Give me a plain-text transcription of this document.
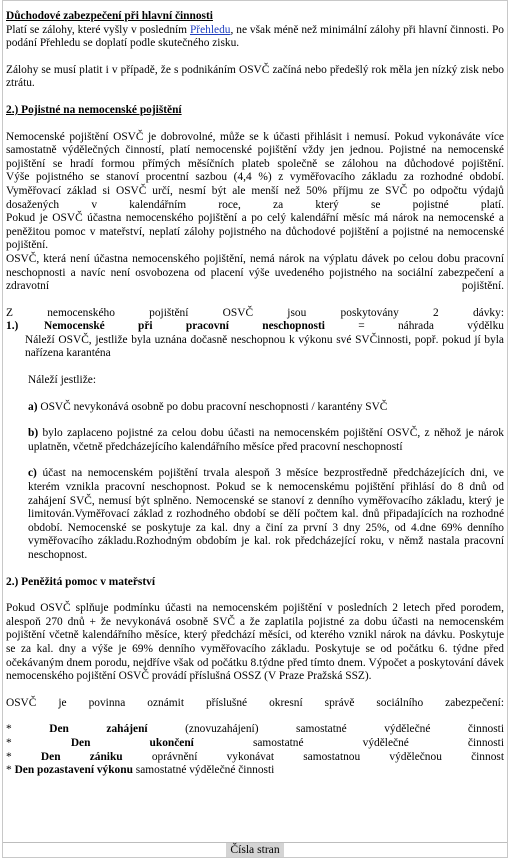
Důchodové zabezpečení při hlavní činnosti

Platí se zálohy, které vyšly v posledním Přehledu, ne však méně než minimální zálohy při hlavní činnosti. Po podání Přehledu se doplatí podle skutečného zisku.

Zálohy se musí platit i v případě, že s podnikáním OSVČ začíná nebo předešlý rok měla jen nízký zisk nebo ztrátu.

2.) Pojistné na nemocenské pojištění

Nemocenské pojištění OSVČ je dobrovolné, může se k účasti přihlásit i nemusí. Pokud vykonáváte více samostatně výdělečných činností, platí nemocenské pojištění vždy jen jednou. Pojistné na nemocenské pojištění se hradí formou přímých měsíčních plateb společně se zálohou na důchodové pojištění.

Výše pojistného se stanoví procentní sazbou (4,4 %) z vyměřovacího základu za rozhodné období. Vyměřovací základ si OSVČ určí, nesmí být ale menší než 50% příjmu ze SVČ po odpočtu výdajů dosažených v kalendářním roce, za který se pojistné platí.

Pokud je OSVČ účastna nemocenského pojištění a po celý kalendářní měsíc má nárok na nemocenské a peněžitou pomoc v mateřství, neplatí zálohy pojistného na důchodové pojištění a pojistné na nemocenské pojištění.

OSVČ, která není účastna nemocenského pojištění, nemá nárok na výplatu dávek po celou dobu pracovní neschopnosti a navíc není osvobozena od placení výše uvedeného pojistného na sociální zabezpečení a zdravotní pojištění.

Z nemocenského pojištění OSVČ jsou poskytovány 2 dávky:

1.)	Nemocenské při pracovní neschopnosti = náhrada výdělku

Náleží OSVČ, jestliže byla uznána dočasně neschopnou k výkonu své SVČinnosti, popř. pokud jí byla nařízena karanténa

Náleží jestliže:

a) OSVČ nevykonává osobně po dobu pracovní neschopnosti / karantény SVČ

b) bylo zaplaceno pojistné za celou dobu účasti na nemocenském pojištění OSVČ, z něhož je nárok uplatněn, včetně předcházejícího kalendářního měsíce před pracovní neschopností

c) účast na nemocenském pojištění trvala alespoň 3 měsíce bezprostředně předcházejících dni, ve kterém vznikla pracovní neschopnost. Pokud se k nemocenskému pojištění přihlásí do 8 dnů od zahájení SVČ, nemusí být splněno. Nemocenské se stanoví z denního vyměřovacího základu, který je limitován.Vyměřovací základ z rozhodného období se dělí počtem kal. dnů připadajících na rozhodné období. Nemocenské se poskytuje za kal. dny a činí za první 3 dny 25%, od 4.dne 69% denního vyměřovacího základu.Rozhodným obdobím je kal. rok předcházející roku, v němž nastala pracovní neschopnost.

2.) Peněžitá pomoc v mateřství

Pokud OSVČ splňuje podmínku účasti na nemocenském pojištění v posledních 2 letech před porodem, alespoň 270 dnů + že nevykonává osobně SVČ a že zaplatila pojistné za dobu účasti na nemocenském pojištění včetně kalendářního měsíce, který předchází měsíci, od kterého vznikl nárok na dávku. Poskytuje se za kal. dny a výše je 69% denního vyměřovacího základu. Poskytuje se od počátku 6. týdne před očekávaným dnem porodu, nejdříve však od počátku 8.týdne před tímto dnem. Výpočet a poskytování dávek nemocenského pojištění OSVČ provádí příslušná OSSZ (V Praze Pražská SSZ).

OSVČ je povinna oznámit příslušné okresní správě sociálního zabezpečení:

*	Den zahájení (znovuzahájení) samostatné výdělečné činnosti

*	Den ukončení samostatné výdělečné činnosti

*	Den zániku oprávnění vykonávat samostatnou výdělečnou činnost

* Den pozastavení výkonu samostatné výdělečné činnosti

Čísla stran
